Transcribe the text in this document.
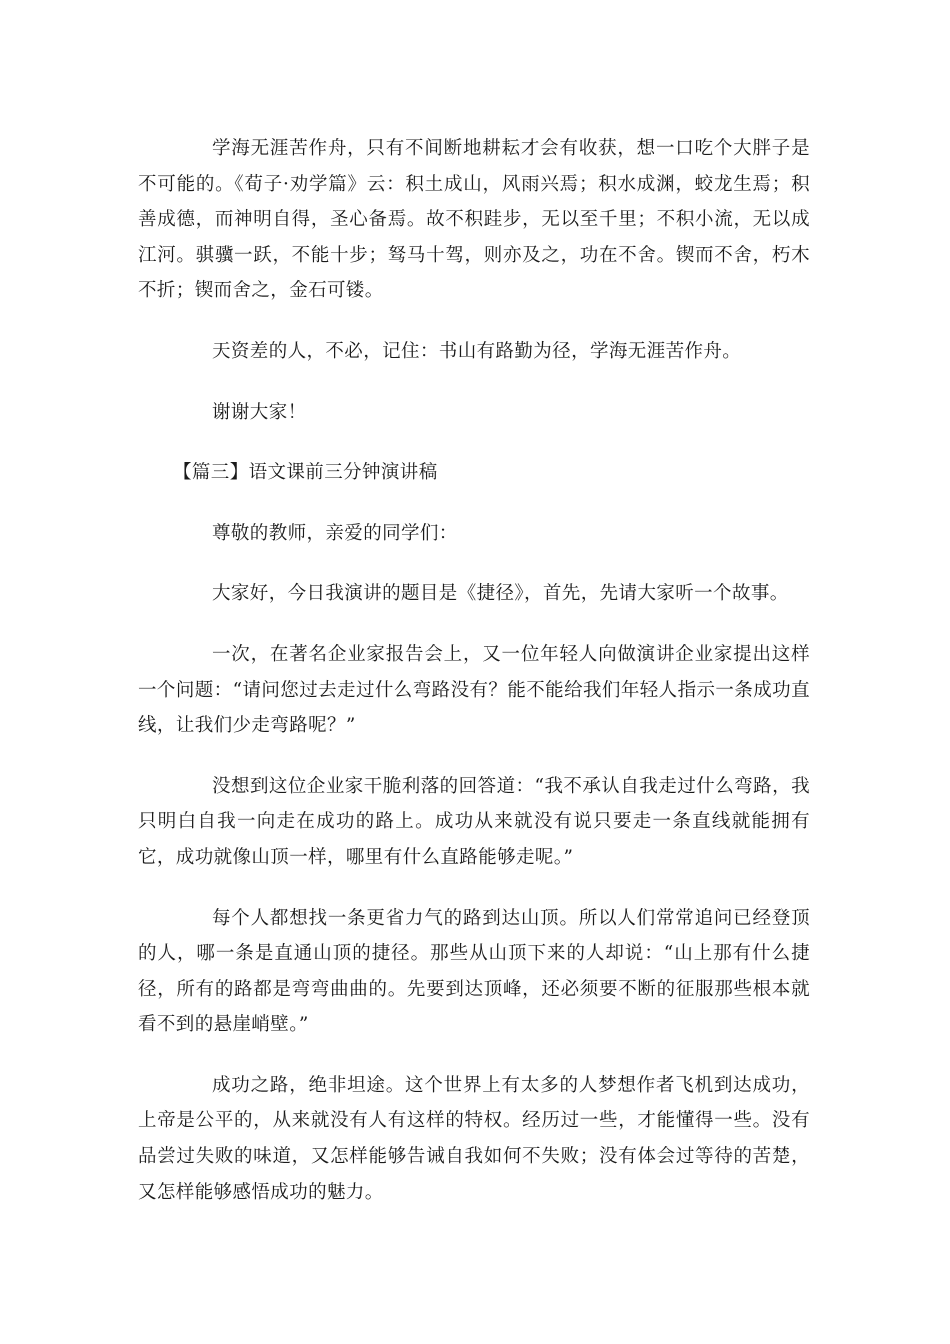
学海无涯苦作舟，只有不间断地耕耘才会有收获，想一口吃个大胖子是不可能的。《荀子·劝学篇》云：积土成山，风雨兴焉；积水成渊，蛟龙生焉；积善成德，而神明自得，圣心备焉。故不积跬步，无以至千里；不积小流，无以成江河。骐骥一跃，不能十步；驽马十驾，则亦及之，功在不舍。锲而不舍，朽木不折；锲而舍之，金石可镂。

天资差的人，不必，记住：书山有路勤为径，学海无涯苦作舟。

谢谢大家！

【篇三】语文课前三分钟演讲稿

尊敬的教师，亲爱的同学们：

大家好，今日我演讲的题目是《捷径》，首先，先请大家听一个故事。

一次，在著名企业家报告会上，又一位年轻人向做演讲企业家提出这样一个问题：“请问您过去走过什么弯路没有？能不能给我们年轻人指示一条成功直线，让我们少走弯路呢？”

没想到这位企业家干脆利落的回答道：“我不承认自我走过什么弯路，我只明白自我一向走在成功的路上。成功从来就没有说只要走一条直线就能拥有它，成功就像山顶一样，哪里有什么直路能够走呢。”

每个人都想找一条更省力气的路到达山顶。所以人们常常追问已经登顶的人，哪一条是直通山顶的捷径。那些从山顶下来的人却说：“山上那有什么捷径，所有的路都是弯弯曲曲的。先要到达顶峰，还必须要不断的征服那些根本就看不到的悬崖峭壁。”

成功之路，绝非坦途。这个世界上有太多的人梦想作者飞机到达成功，上帝是公平的，从来就没有人有这样的特权。经历过一些，才能懂得一些。没有品尝过失败的味道，又怎样能够告诫自我如何不失败；没有体会过等待的苦楚，又怎样能够感悟成功的魅力。
